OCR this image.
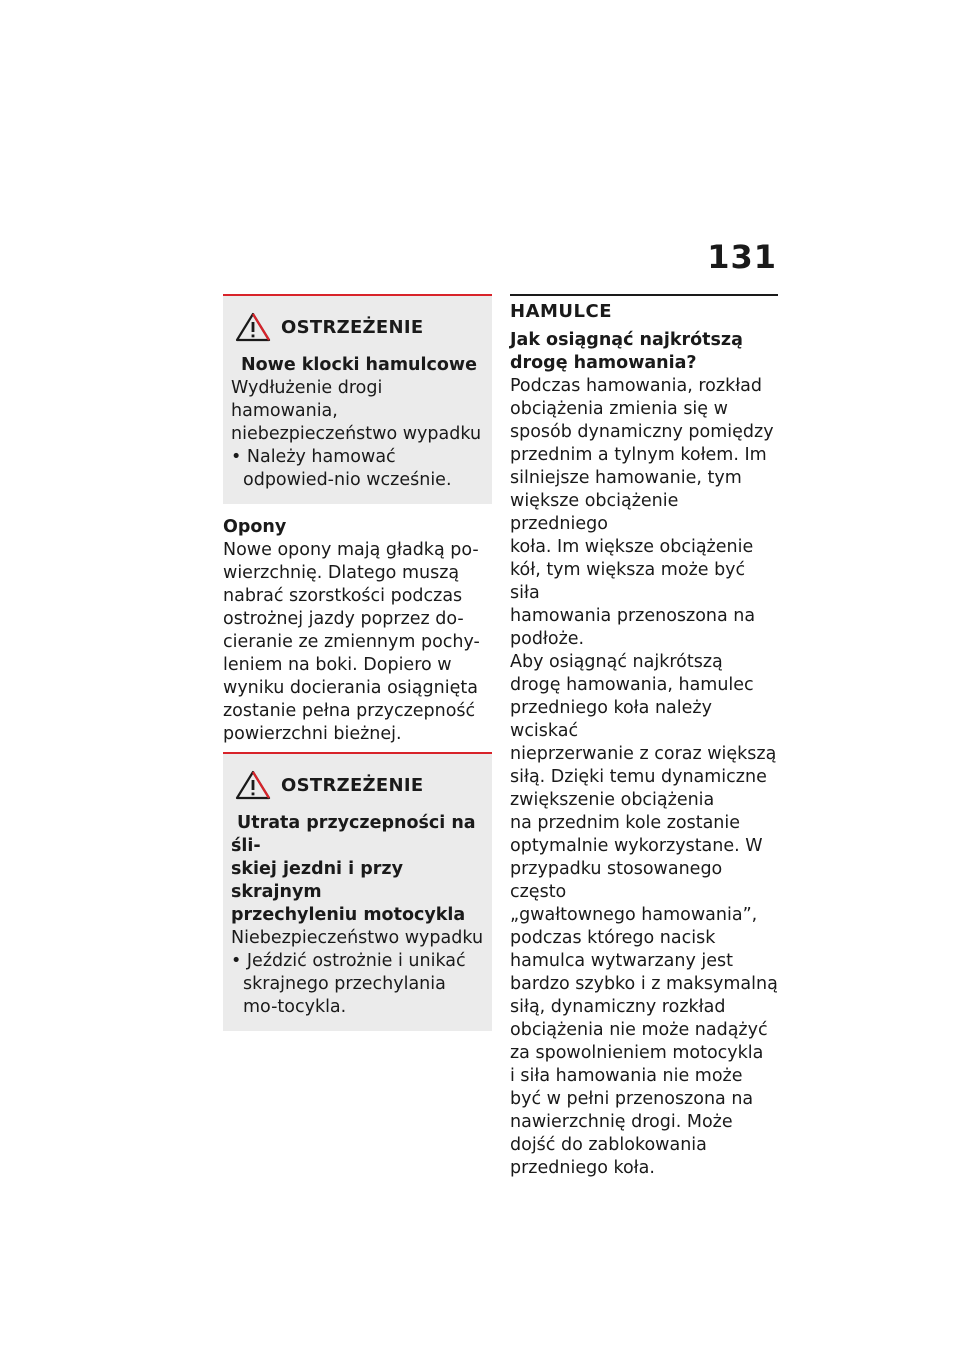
131
OSTRZEŻENIE
Nowe klocki hamulcowe
Wydłużenie drogi hamowania,
niebezpieczeństwo wypadku
• Należy hamować odpowied-nio wcześnie.
Opony
Nowe opony mają gładką po-
wierzchnię. Dlatego muszą
nabrać szorstkości podczas
ostrożnej jazdy poprzez do-
cieranie ze zmiennym pochy-
leniem na boki. Dopiero w
wyniku docierania osiągnięta
zostanie pełna przyczepność
powierzchni bieżnej.
OSTRZEŻENIE
Utrata przyczepności na śli-
skiej jezdni i przy skrajnym
przechyleniu motocykla
Niebezpieczeństwo wypadku
• Jeździć ostrożnie i unikać skrajnego przechylania mo-tocykla.
HAMULCE
Jak osiągnąć najkrótszą drogę hamowania?
Podczas hamowania, rozkład
obciążenia zmienia się w
sposób dynamiczny pomiędzy
przednim a tylnym kołem. Im
silniejsze hamowanie, tym
większe obciążenie przedniego
koła. Im większe obciążenie
kół, tym większa może być siła
hamowania przenoszona na
podłoże.
Aby osiągnąć najkrótszą
drogę hamowania, hamulec
przedniego koła należy wciskać
nieprzerwanie z coraz większą
siłą. Dzięki temu dynamiczne
zwiększenie obciążenia
na przednim kole zostanie
optymalnie wykorzystane. W
przypadku stosowanego często
„gwałtownego hamowania”,
podczas którego nacisk
hamulca wytwarzany jest
bardzo szybko i z maksymalną
siłą, dynamiczny rozkład
obciążenia nie może nadążyć
za spowolnieniem motocykla
i siła hamowania nie może
być w pełni przenoszona na
nawierzchnię drogi. Może
dojść do zablokowania
przedniego koła.
